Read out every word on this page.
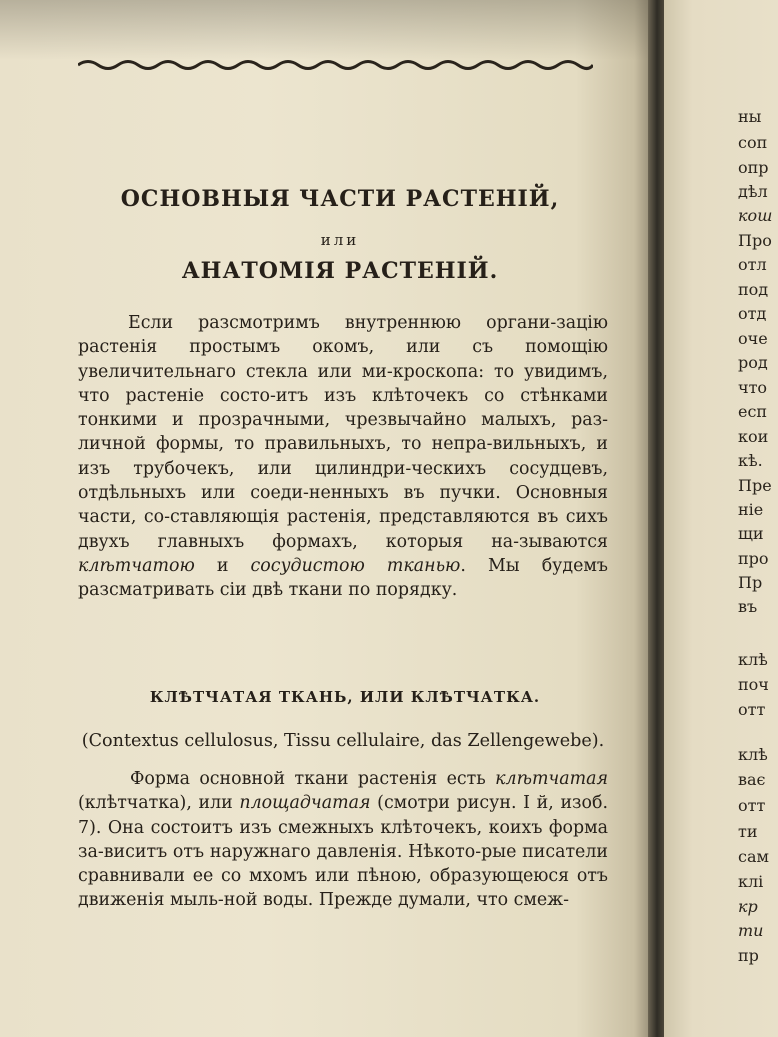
ОСНОВНЫЯ ЧАСТИ РАСТЕНІЙ,
или
АНАТОМІЯ РАСТЕНІЙ.

Если разсмотримъ внутреннюю органи-зацію растенія простымъ окомъ, или съ помощію увеличительнаго стекла или ми-кроскопа: то увидимъ, что растеніе состо-итъ изъ клѣточекъ со стѣнками тонкими и прозрачными, чрезвычайно малыхъ, раз-личной формы, то правильныхъ, то непра-вильныхъ, и изъ трубочекъ, или цилиндри-ческихъ сосудцевъ, отдѣльныхъ или соеди-ненныхъ въ пучки. Основныя части, со-ставляющія растенія, представляются въ сихъ двухъ главныхъ формахъ, которыя на-зываются клѣтчатою и сосудистою тканью. Мы будемъ разсматривать сіи двѣ ткани по порядку.

КЛѢТЧАТАЯ ТКАНЬ, ИЛИ КЛѢТЧАТКА.
(Contextus cellulosus, Tissu cellulaire, das Zellengewebe).

Форма основной ткани растенія есть клѣтчатая (клѣтчатка), или площадчатая (смотри рисун. I й, изоб. 7). Она состоитъ изъ смежныхъ клѣточекъ, коихъ форма за-виситъ отъ наружнаго давленія. Нѣкото-рые писатели сравнивали ее со мхомъ или пѣною, образующеюся отъ движенія мыль-ной воды. Прежде думали, что смеж-

ны
соп
опр
дѣл
кош
Про
отл
под
отд
оче
род
что
есп
кои
кѣ.
Пре
ніе
щи
про
Пр
въ
клѣ
поч
отт
клѣ
ває
отт
ти
сам
клі
кр
ти
пр
